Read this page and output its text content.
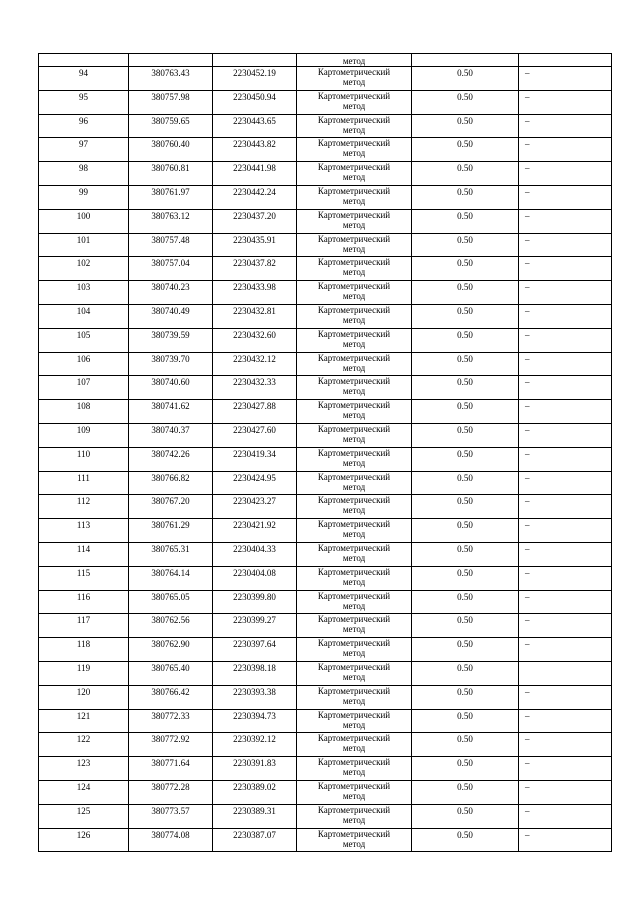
			метод		
94	380763.43	2230452.19	Картометрический
метод	0.50	–
95	380757.98	2230450.94	Картометрический
метод	0.50	–
96	380759.65	2230443.65	Картометрический
метод	0.50	–
97	380760.40	2230443.82	Картометрический
метод	0.50	–
98	380760.81	2230441.98	Картометрический
метод	0.50	–
99	380761.97	2230442.24	Картометрический
метод	0.50	–
100	380763.12	2230437.20	Картометрический
метод	0.50	–
101	380757.48	2230435.91	Картометрический
метод	0.50	–
102	380757.04	2230437.82	Картометрический
метод	0.50	–
103	380740.23	2230433.98	Картометрический
метод	0.50	–
104	380740.49	2230432.81	Картометрический
метод	0.50	–
105	380739.59	2230432.60	Картометрический
метод	0.50	–
106	380739.70	2230432.12	Картометрический
метод	0.50	–
107	380740.60	2230432.33	Картометрический
метод	0.50	–
108	380741.62	2230427.88	Картометрический
метод	0.50	–
109	380740.37	2230427.60	Картометрический
метод	0.50	–
110	380742.26	2230419.34	Картометрический
метод	0.50	–
111	380766.82	2230424.95	Картометрический
метод	0.50	–
112	380767.20	2230423.27	Картометрический
метод	0.50	–
113	380761.29	2230421.92	Картометрический
метод	0.50	–
114	380765.31	2230404.33	Картометрический
метод	0.50	–
115	380764.14	2230404.08	Картометрический
метод	0.50	–
116	380765.05	2230399.80	Картометрический
метод	0.50	–
117	380762.56	2230399.27	Картометрический
метод	0.50	–
118	380762.90	2230397.64	Картометрический
метод	0.50	–
119	380765.40	2230398.18	Картометрический
метод	0.50	
120	380766.42	2230393.38	Картометрический
метод	0.50	–
121	380772.33	2230394.73	Картометрический
метод	0.50	–
122	380772.92	2230392.12	Картометрический
метод	0.50	–
123	380771.64	2230391.83	Картометрический
метод	0.50	–
124	380772.28	2230389.02	Картометрический
метод	0.50	–
125	380773.57	2230389.31	Картометрический
метод	0.50	–
126	380774.08	2230387.07	Картометрический
метод	0.50	–
